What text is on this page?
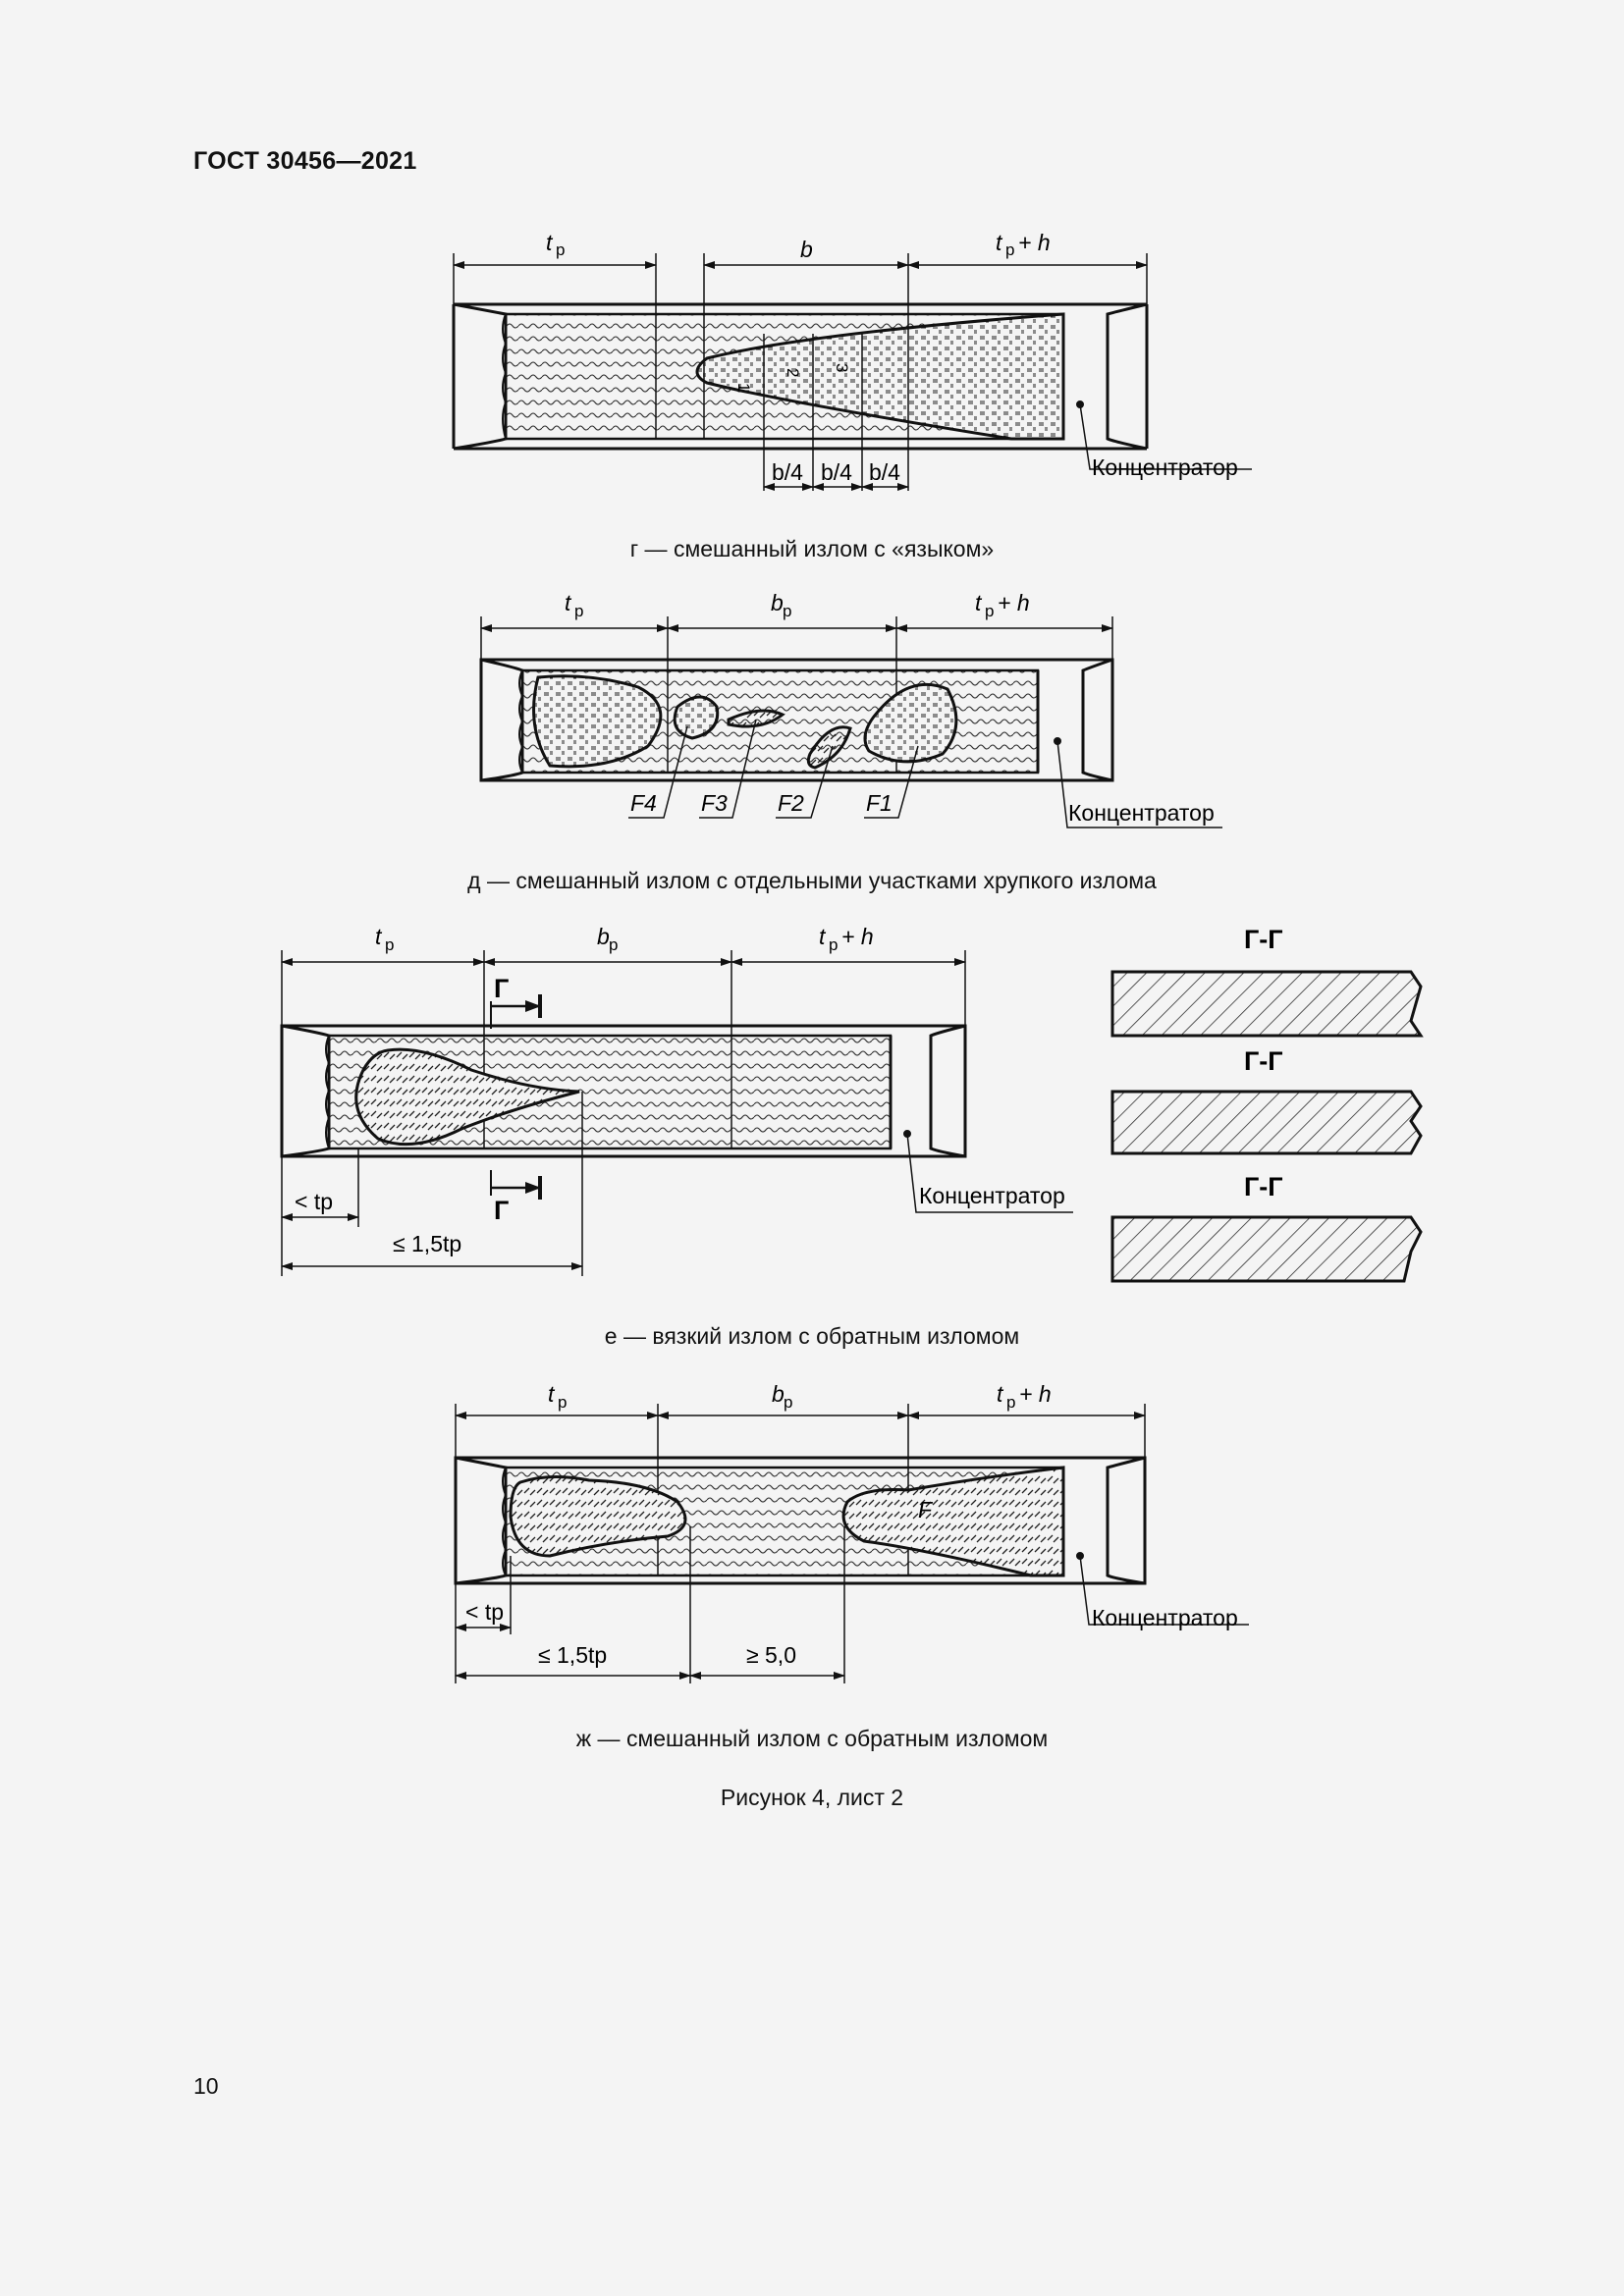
ГОСТ 30456—2021
t р	b	t р + h
b/4 b/4 b/4
1
2
3
Концентратор
t р	b р	t р + h
F4 F3 F2	F1	Концентратор
t р	b р	t р + h
Г
Г
< tр
≤ 1,5tр
Концентратор
Г-Г
Г-Г
Г-Г
t р	b р	t р + h
F
< tр
≤ 1,5tр	≥ 5,0
Концентратор
г — смешанный излом с «языком»
д — смешанный излом с отдельными участками хрупкого излома
е — вязкий излом с обратным изломом
ж — смешанный излом с обратным изломом
Рисунок 4, лист 2
10
